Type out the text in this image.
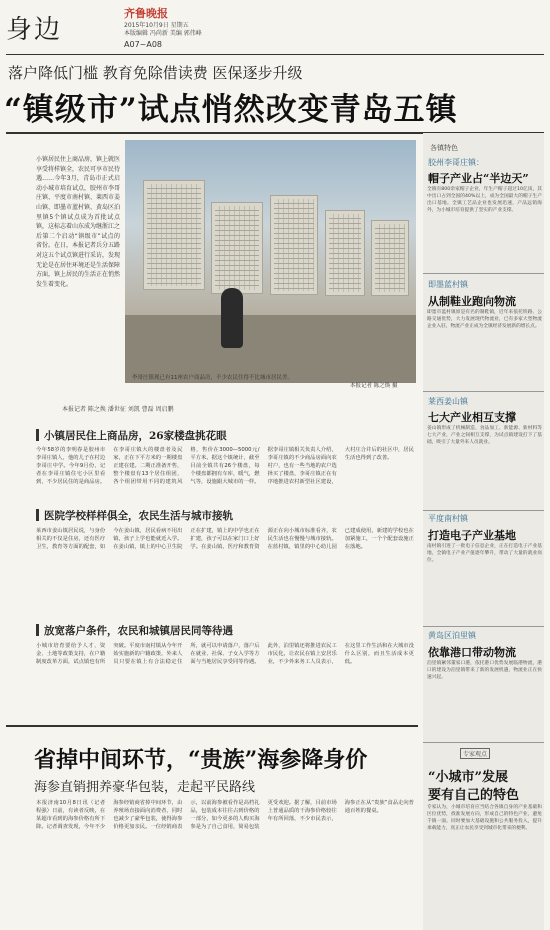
身边
齐鲁晚报
2015年10月9日 星期五
本版编辑 冯尚新 美编 郭伟峰
A07~A08
落户降低门槛 教育免除借读费 医保逐步升级
“镇级市”试点悄然改变青岛五镇
小镇居民住上商品房，镇上就医享受将样镇全，农民可享市民待遇……今年3月，青岛市正式启动小城市培育试点，胶州市李哥庄镇、平度市南村镇、莱西市姜山镇、即墨市蓝村镇、黄岛区泊里镇5个镇试点成为首批试点镇，这标志着山东成为继浙江之后第二个启动“镇级市”试点的省份。在日，本报记者兵分五路对这五个试点镇进行采访，发现无论是在居住环境还是生活保障方面，镇上居民的生活正在悄然发生着变化。
李哥庄镇现已有11座农户商品房，不少农民住得不比城市居民差。
本报记者 陈之焕 摄
本报记者 陈之焕 潘世征 刘凯 曹磊 周启鹏
小镇居民住上商品房，26家楼盘挑花眼
今年58岁的李明春是胶州市李哥庄镇人，他的儿子在村边李哥庄中学。今年9月份，记者在李哥庄镇住宅小区里看到，不少居民住的是商品房。在李哥庄镇大的楼盘者及民家，正在下平方米的一期楼盘正建在建。二期正准备开售，整个楼盘有13个居住组团，各个组团带用不同的建筑风格，售价在3000—5000元/平方米。据这个镇统计，截至目前全镇共有26个楼盘，每个楼盘都拥有车库，暖气，燃气等，设施跟大城市的一样。据李哥庄镇相关负责人介绍，李哥庄镇的不少商品房面向农村户，也有一些当地的农户选择买了楼盘，李哥庄镇正在有序地推进农村新型社区建设，大村庄合并后的社区中，居民生活也得到了改善。
医院学校样样俱全，农民生活与城市接轨
莱西市姜山镇居民说，与身份相关的不仅是住房，还有医疗卫生，教育等方面的配套，如今在姜山镇，居民看病不用出镇，孩子上学也能就近入学。在姜山镇，镇上的中心卫生院正在扩建，镇上的中学也正在扩建，孩子可以在家门口上好学。在姜山镇，医疗和教育资源正在向小城市标准看齐，农民生活也在慢慢与城市接轨。在蓝村镇，镇里的中心幼儿园已建成使用，新建的学校也在加紧施工，一个个配套设施正在落地。
放宽落户条件，农民和城镇居民同等待遇
小城市培育要给予人才、资金、土地等政策支持，在户籍制度改革方面，试点镇也有所突破。平度市南村镇从今年开始实施新的户籍政策，外来人员只要在镇上有合法稳定住所，就可以申请落户，落户后在就业、社保、子女入学等方面与当地居民享受同等待遇。此外，泊里镇还将推进农民工市民化，让农民在镇上安居乐业，不少外来务工人员表示，在这里工作生活和在大城市没什么区别，而且生活成本更低。
各镇特色
胶州李哥庄镇：
帽子产业占“半边天”
全镇有800余家帽子企业，年生产帽子超过10亿顶，其中出口占到全国的40%以上，成为全国最大的帽子生产出口基地。全镇工艺品企业也发展迅速，产品远销海外，为小城市培育提供了坚实的产业支撑。
即墨蓝村镇
从制鞋业跑向物流
即墨市蓝村镇原是有名的制鞋镇，近年来依托铁路、公路交通优势，大力发展现代物流业，已有多家大型物流企业入驻，物流产业正成为全镇经济发展新的增长点。
莱西姜山镇
七大产业相互支撑
姜山镇形成了机械制造、食品加工、新能源、新材料等七大产业，产业之间相互支撑，为试点镇建设打下了基础，吸引了大量外来人员就业。
平度南村镇
打造电子产业基地
南村镇引进了一批电子信息企业，正在打造电子产业基地，全镇电子产业产值逐年攀升，带动了大量的就业岗位。
黄岛区泊里镇
依靠港口带动物流
泊里镇紧邻董家口港，依托港口优势发展临港物流，港口的建设为泊里镇带来了新的发展机遇，物流业正在快速兴起。
专家观点
“小城市”发展
要有自己的特色
专家认为，小城市培育应当结合各镇自身的产业基础和区位优势，找准发展方向，形成自己的特色产业，避免千镇一面。同时要加大基础设施和公共服务投入，提升承载能力，真正让农民享受到城市化带来的便利。
省掉中间环节，“贵族”海参降身价
海参直销拥养豪华包装，走起平民路线
本报济南10月8日讯（记者 程强）日前，有读者反映，在某超市看到的海参价格有所下降。记者调查发现，今年不少海参经销商省掉中间环节，由养殖场直接面向消费者，同时也减少了豪华包装，使得海参价格更加亲民。一位经销商表示，以前海参被看作是高档礼品，包装成本往往占到价格的一部分，如今更多的人购买海参是为了自己食用，简易包装更受欢迎。据了解，目前市场上普通品质的干海参价格较往年有所回落，不少市民表示，海参正在从“贵族”食品走向普通百姓的餐桌。
